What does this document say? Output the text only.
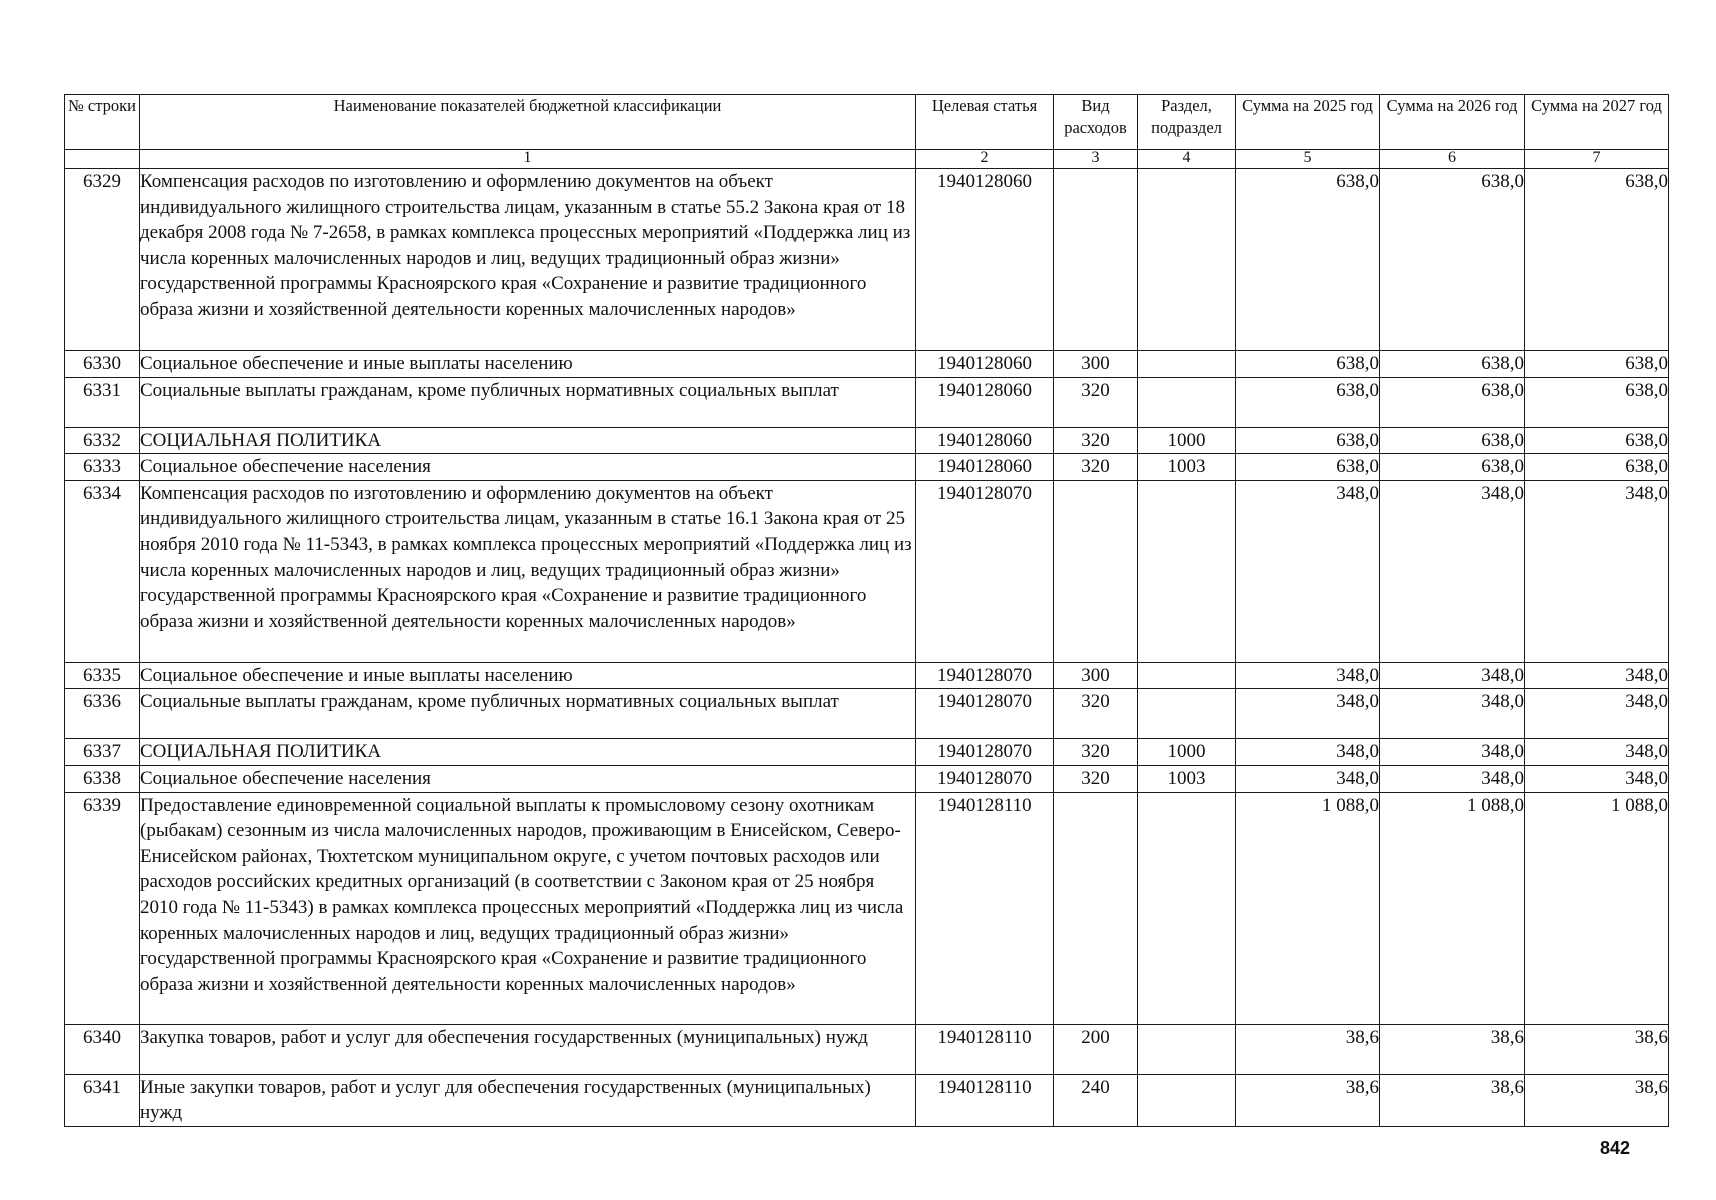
№ строки	Наименование показателей бюджетной классификации	Целевая статья	Вид расходов	Раздел, подраздел	Сумма на 2025 год	Сумма на 2026 год	Сумма на 2027 год
	1	2	3	4	5	6	7
6329	Компенсация расходов по изготовлению и оформлению документов на объект индивидуального жилищного строительства лицам, указанным в статье 55.2 Закона края от 18 декабря 2008 года № 7-2658, в рамках комплекса процессных мероприятий «Поддержка лиц из числа коренных малочисленных народов и лиц, ведущих традиционный образ жизни» государственной программы Красноярского края «Сохранение и развитие традиционного образа жизни и хозяйственной деятельности коренных малочисленных народов»	1940128060			638,0	638,0	638,0
6330	Социальное обеспечение и иные выплаты населению	1940128060	300		638,0	638,0	638,0
6331	Социальные выплаты гражданам, кроме публичных нормативных социальных выплат	1940128060	320		638,0	638,0	638,0
6332	СОЦИАЛЬНАЯ ПОЛИТИКА	1940128060	320	1000	638,0	638,0	638,0
6333	Социальное обеспечение населения	1940128060	320	1003	638,0	638,0	638,0
6334	Компенсация расходов по изготовлению и оформлению документов на объект индивидуального жилищного строительства лицам, указанным в статье 16.1 Закона края от 25 ноября 2010 года № 11-5343, в рамках комплекса процессных мероприятий «Поддержка лиц из числа коренных малочисленных народов и лиц, ведущих традиционный образ жизни» государственной программы Красноярского края «Сохранение и развитие традиционного образа жизни и хозяйственной деятельности коренных малочисленных народов»	1940128070			348,0	348,0	348,0
6335	Социальное обеспечение и иные выплаты населению	1940128070	300		348,0	348,0	348,0
6336	Социальные выплаты гражданам, кроме публичных нормативных социальных выплат	1940128070	320		348,0	348,0	348,0
6337	СОЦИАЛЬНАЯ ПОЛИТИКА	1940128070	320	1000	348,0	348,0	348,0
6338	Социальное обеспечение населения	1940128070	320	1003	348,0	348,0	348,0
6339	Предоставление единовременной социальной выплаты к промысловому сезону охотникам (рыбакам) сезонным из числа малочисленных народов, проживающим в Енисейском, Северо-Енисейском районах, Тюхтетском муниципальном округе, с учетом почтовых расходов или расходов российских кредитных организаций (в соответствии с Законом края от 25 ноября 2010 года № 11-5343) в рамках комплекса процессных мероприятий «Поддержка лиц из числа коренных малочисленных народов и лиц, ведущих традиционный образ жизни» государственной программы Красноярского края «Сохранение и развитие традиционного образа жизни и хозяйственной деятельности коренных малочисленных народов»	1940128110			1 088,0	1 088,0	1 088,0
6340	Закупка товаров, работ и услуг для обеспечения государственных (муниципальных) нужд	1940128110	200		38,6	38,6	38,6
6341	Иные закупки товаров, работ и услуг для обеспечения государственных (муниципальных) нужд	1940128110	240		38,6	38,6	38,6
842
